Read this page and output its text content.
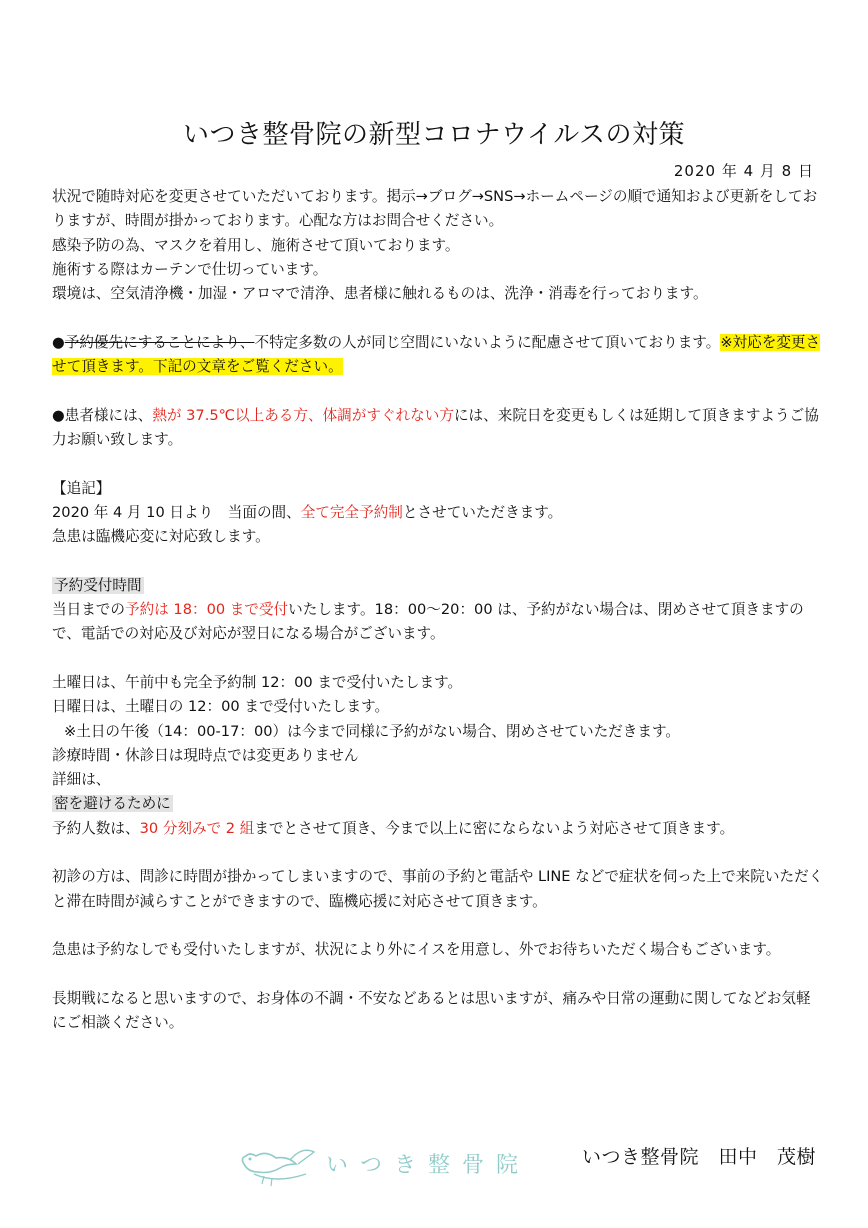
いつき整骨院の新型コロナウイルスの対策
2020 年 4 月 8 日

状況で随時対応を変更させていただいております。掲示→ブログ→SNS→ホームページの順で通知および更新をしておりますが、時間が掛かっております。心配な方はお問合せください。

感染予防の為、マスクを着用し、施術させて頂いております。

施術する際はカーテンで仕切っています。

環境は、空気清浄機・加湿・アロマで清浄、患者様に触れるものは、洗浄・消毒を行っております。

●予約優先にすることにより、不特定多数の人が同じ空間にいないように配慮させて頂いております。※対応を変更させて頂きます。下記の文章をご覧ください。

●患者様には、熱が 37.5℃以上ある方、体調がすぐれない方には、来院日を変更もしくは延期して頂きますようご協力お願い致します。

【追記】

2020 年 4 月 10 日より　当面の間、全て完全予約制とさせていただきます。

急患は臨機応変に対応致します。

予約受付時間

当日までの予約は 18：00 まで受付いたします。18：00～20：00 は、予約がない場合は、閉めさせて頂きますので、電話での対応及び対応が翌日になる場合がございます。

土曜日は、午前中も完全予約制 12：00 まで受付いたします。

日曜日は、土曜日の 12：00 まで受付いたします。

※土日の午後（14：00-17：00）は今まで同様に予約がない場合、閉めさせていただきます。

診療時間・休診日は現時点では変更ありません

詳細は、

密を避けるために

予約人数は、30 分刻みで 2 組までとさせて頂き、今まで以上に密にならないよう対応させて頂きます。

初診の方は、問診に時間が掛かってしまいますので、事前の予約と電話や LINE などで症状を伺った上で来院いただくと滞在時間が減らすことができますので、臨機応援に対応させて頂きます。

急患は予約なしでも受付いたしますが、状況により外にイスを用意し、外でお待ちいただく場合もございます。

長期戦になると思いますので、お身体の不調・不安などあるとは思いますが、痛みや日常の運動に関してなどお気軽にご相談ください。

いつき整骨院	いつき整骨院　田中　茂樹
